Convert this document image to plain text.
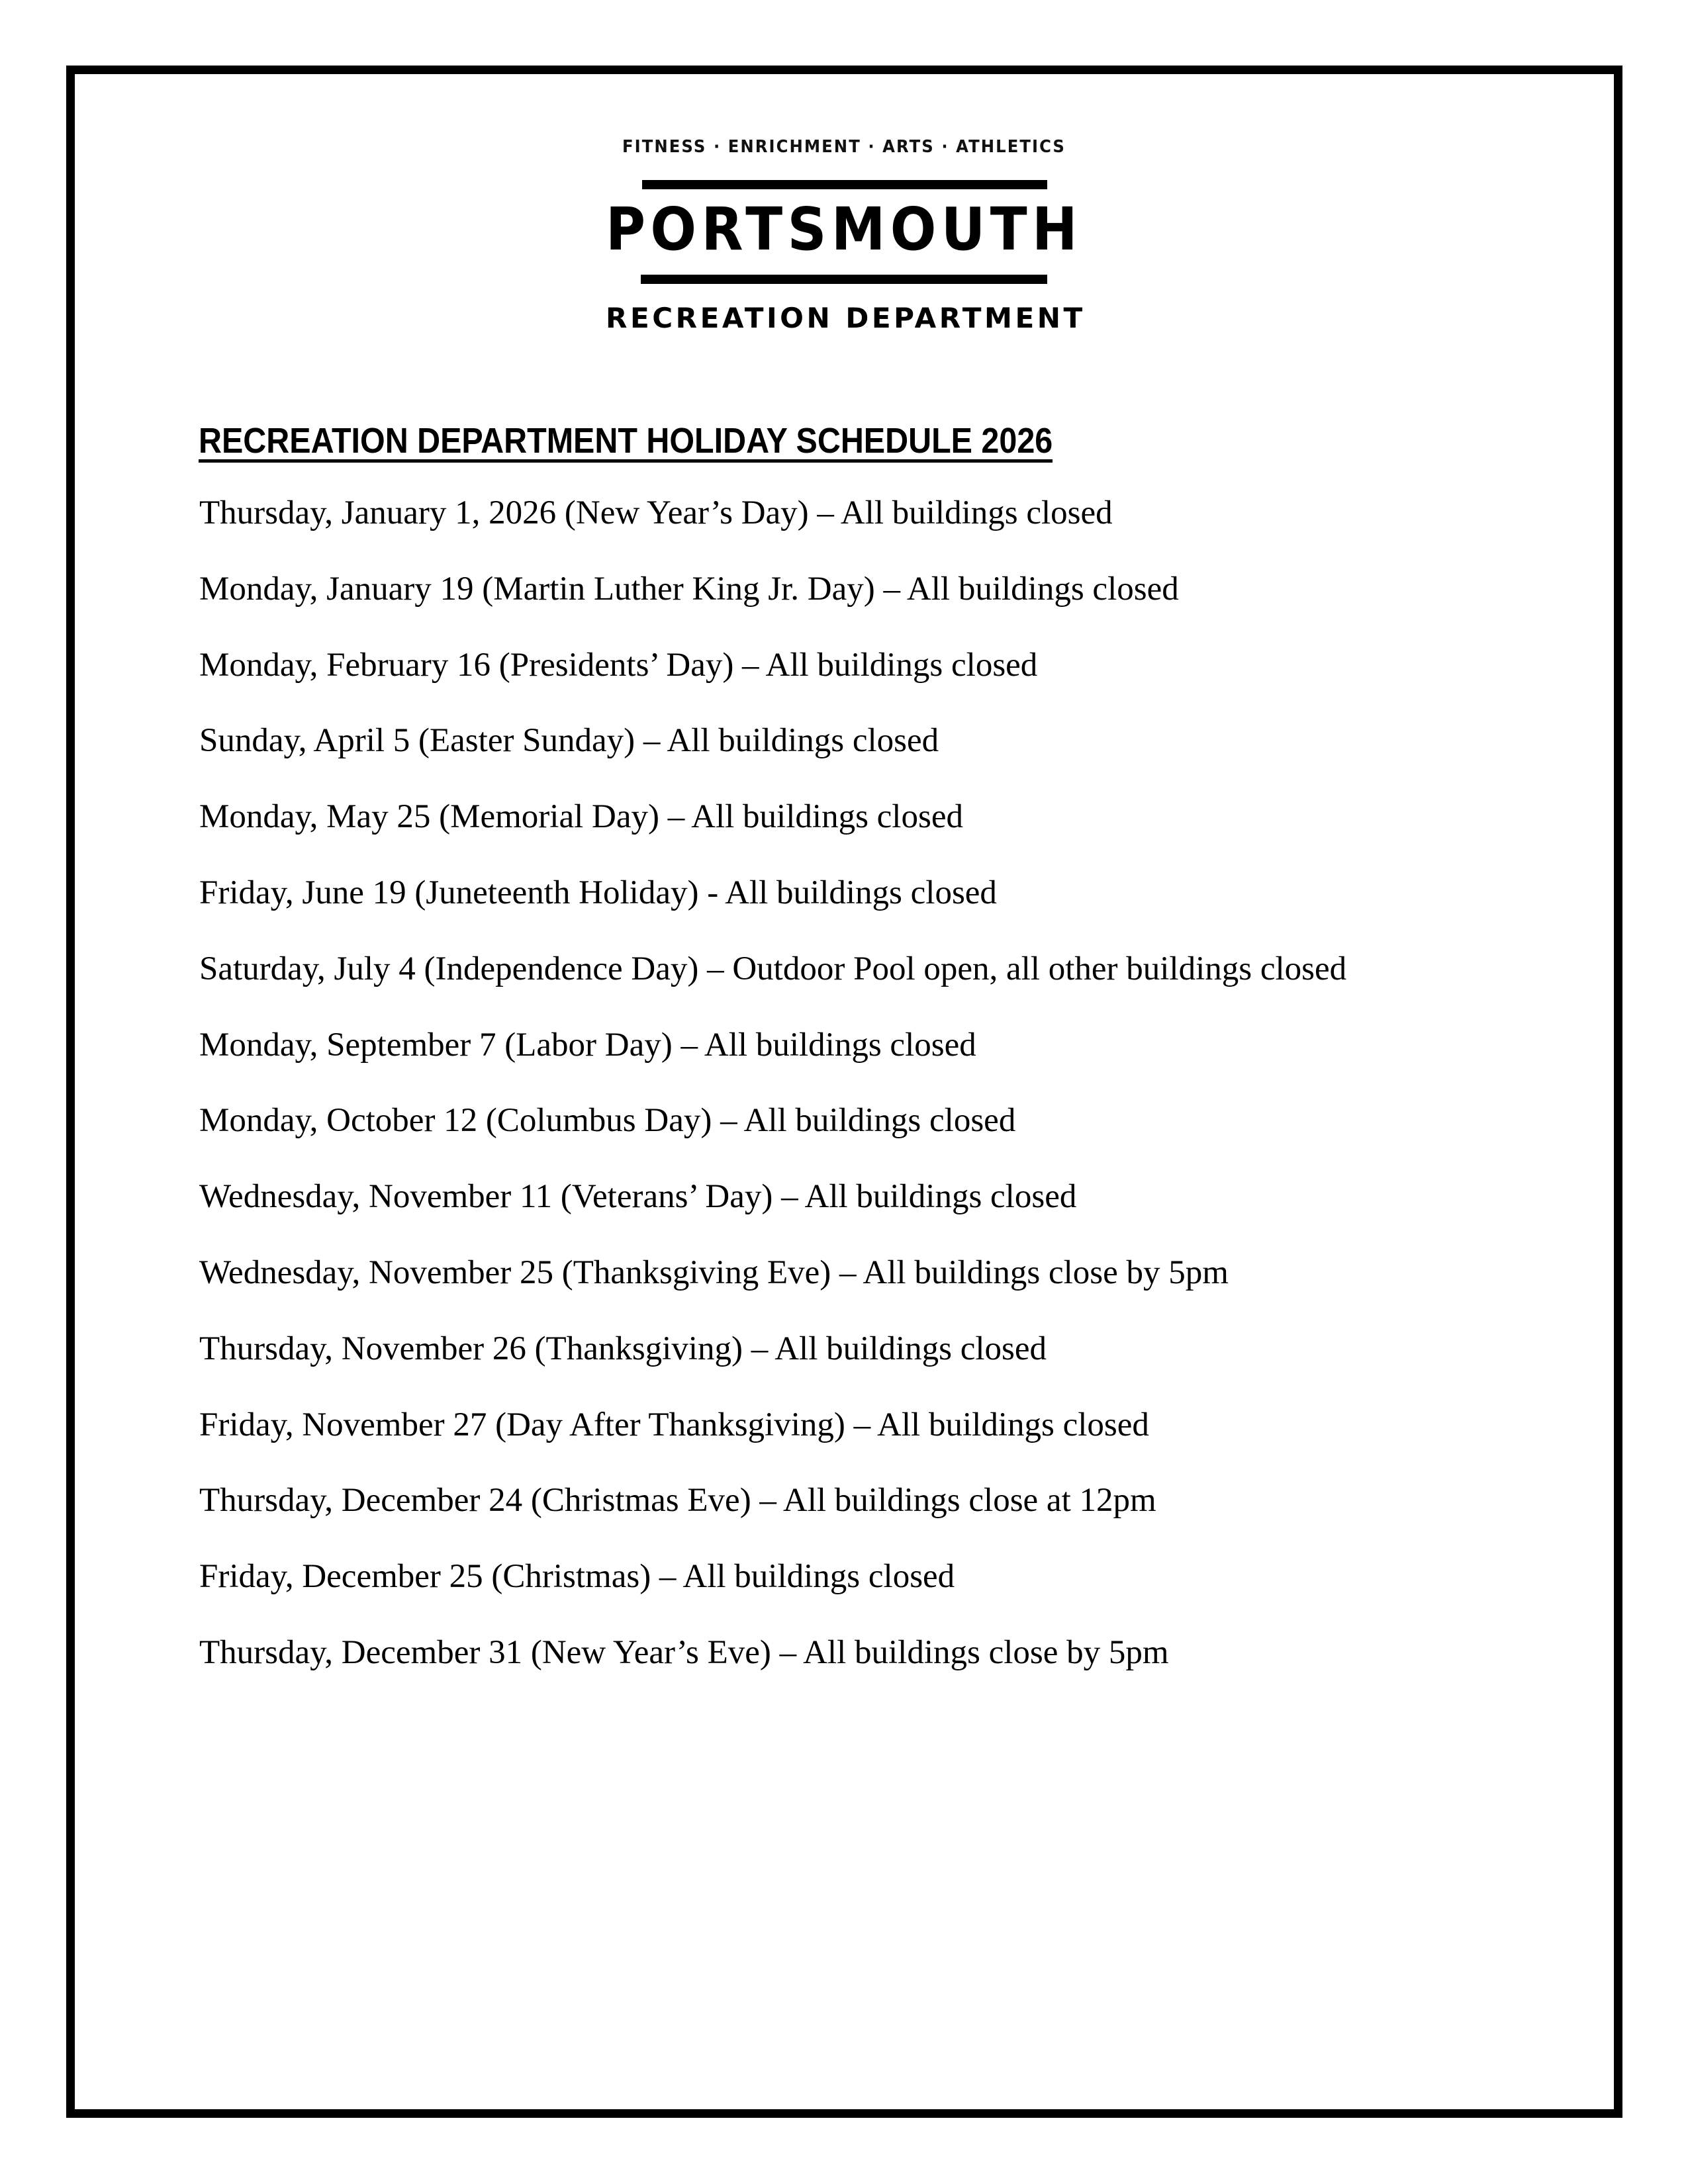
FITNESS · ENRICHMENT · ARTS · ATHLETICS
PORTSMOUTH
RECREATION DEPARTMENT
RECREATION DEPARTMENT HOLIDAY SCHEDULE 2026
Thursday, January 1, 2026 (New Year’s Day) – All buildings closed
Monday, January 19 (Martin Luther King Jr. Day) – All buildings closed
Monday, February 16 (Presidents’ Day) – All buildings closed
Sunday, April 5 (Easter Sunday) – All buildings closed
Monday, May 25 (Memorial Day) – All buildings closed
Friday, June 19 (Juneteenth Holiday) - All buildings closed
Saturday, July 4 (Independence Day) – Outdoor Pool open, all other buildings closed
Monday, September 7 (Labor Day) – All buildings closed
Monday, October 12 (Columbus Day) – All buildings closed
Wednesday, November 11 (Veterans’ Day) – All buildings closed
Wednesday, November 25 (Thanksgiving Eve) – All buildings close by 5pm
Thursday, November 26 (Thanksgiving) – All buildings closed
Friday, November 27 (Day After Thanksgiving) – All buildings closed
Thursday, December 24 (Christmas Eve) – All buildings close at 12pm
Friday, December 25 (Christmas) – All buildings closed
Thursday, December 31 (New Year’s Eve) – All buildings close by 5pm
